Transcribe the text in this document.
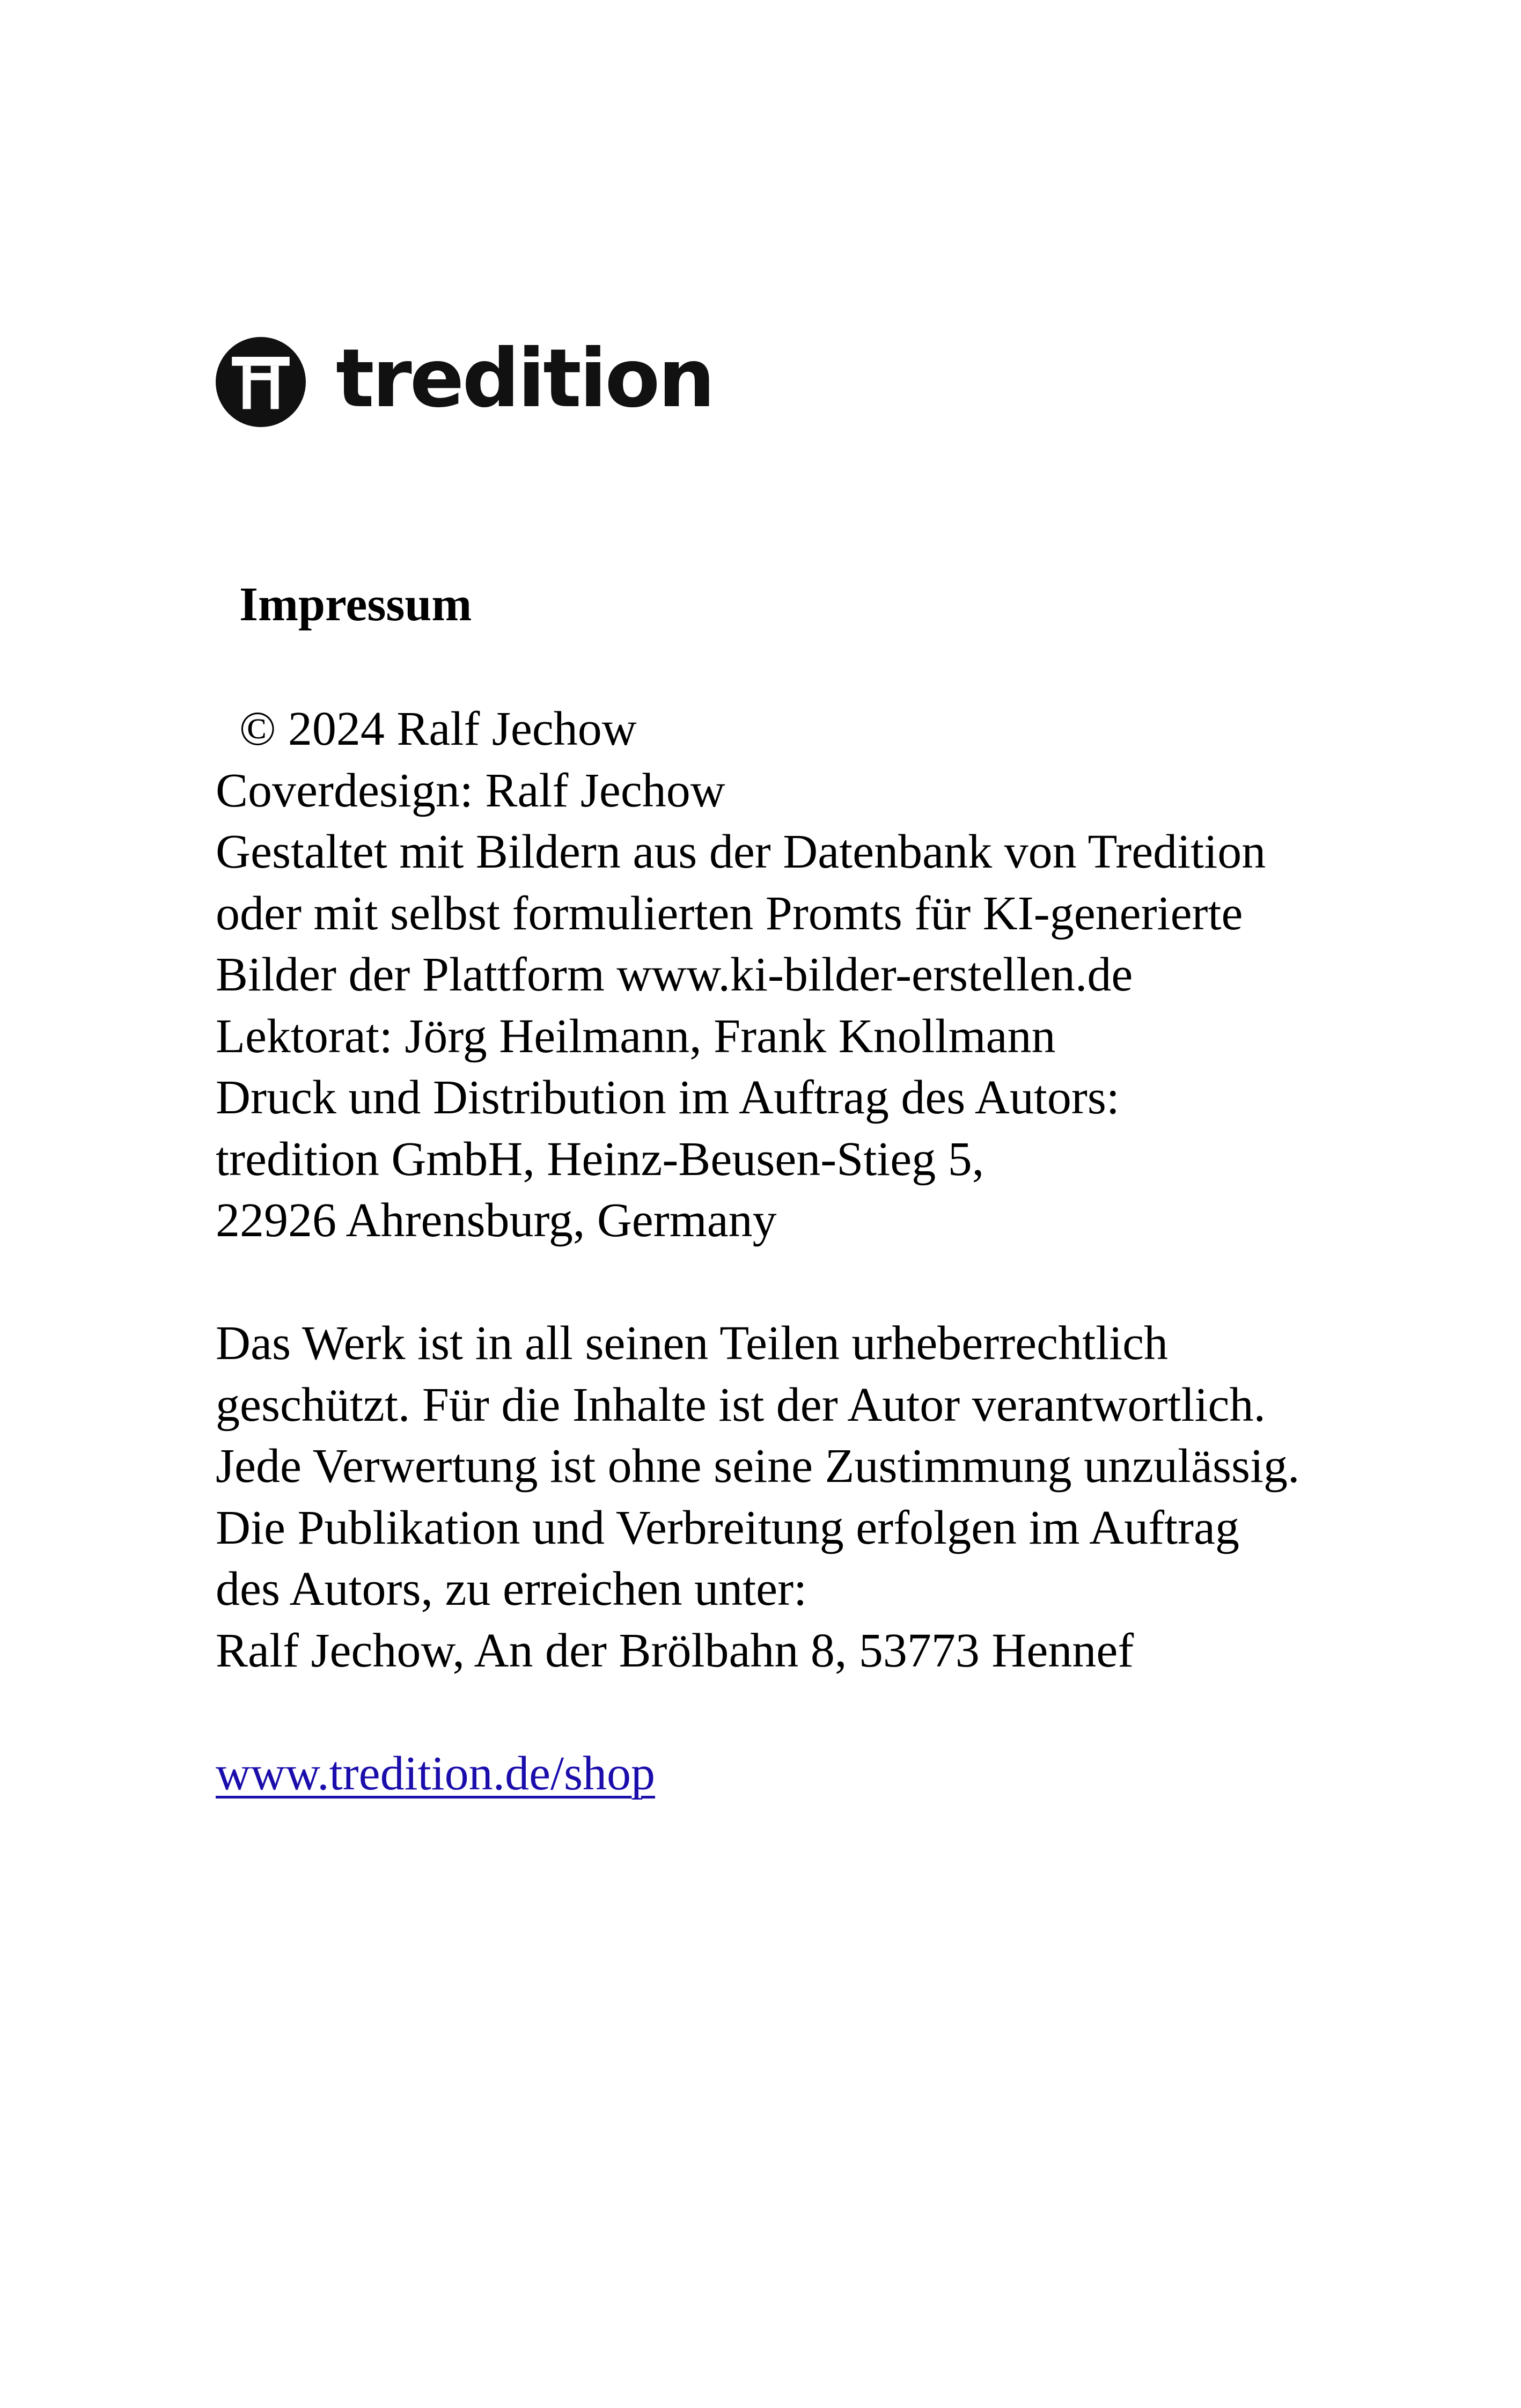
tredition
Impressum
© 2024 Ralf Jechow
Coverdesign: Ralf Jechow
Gestaltet mit Bildern aus der Datenbank von Tredition
oder mit selbst formulierten Promts für KI-generierte
Bilder der Plattform www.ki-bilder-erstellen.de
Lektorat: Jörg Heilmann, Frank Knollmann
Druck und Distribution im Auftrag des Autors:
tredition GmbH, Heinz-Beusen-Stieg 5,
22926 Ahrensburg, Germany
Das Werk ist in all seinen Teilen urheberrechtlich
geschützt. Für die Inhalte ist der Autor verantwortlich.
Jede Verwertung ist ohne seine Zustimmung unzulässig.
Die Publikation und Verbreitung erfolgen im Auftrag
des Autors, zu erreichen unter:
Ralf Jechow, An der Brölbahn 8, 53773 Hennef
www.tredition.de/shop
